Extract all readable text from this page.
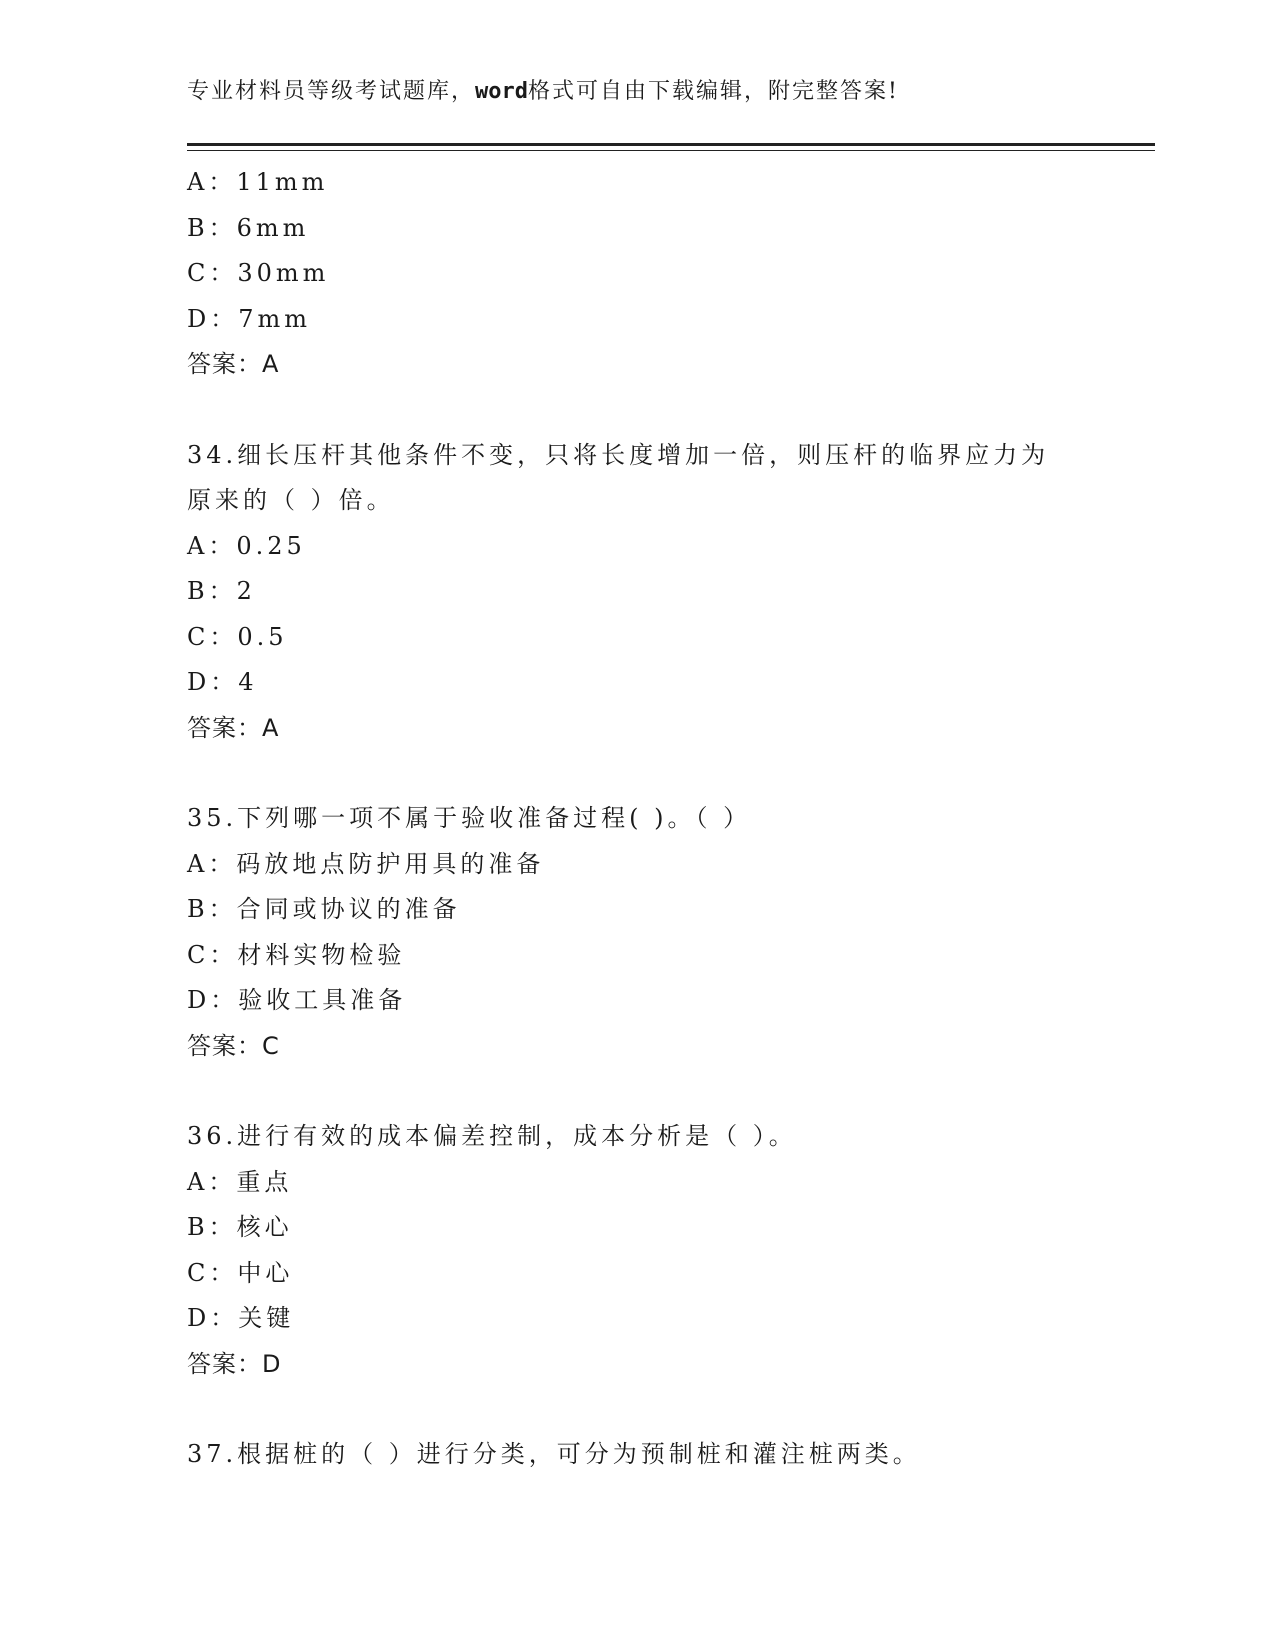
专业材料员等级考试题库，word格式可自由下载编辑，附完整答案!
A：11mm
B：6mm
C：30mm
D：7mm
答案：A
34.细长压杆其他条件不变，只将长度增加一倍，则压杆的临界应力为
原来的（ ）倍。
A：0.25
B：2
C：0.5
D：4
答案：A
35.下列哪一项不属于验收准备过程( )。（ ）
A：码放地点防护用具的准备
B：合同或协议的准备
C：材料实物检验
D：验收工具准备
答案：C
36.进行有效的成本偏差控制，成本分析是（ ）。
A：重点
B：核心
C：中心
D：关键
答案：D
37.根据桩的（ ）进行分类，可分为预制桩和灌注桩两类。
